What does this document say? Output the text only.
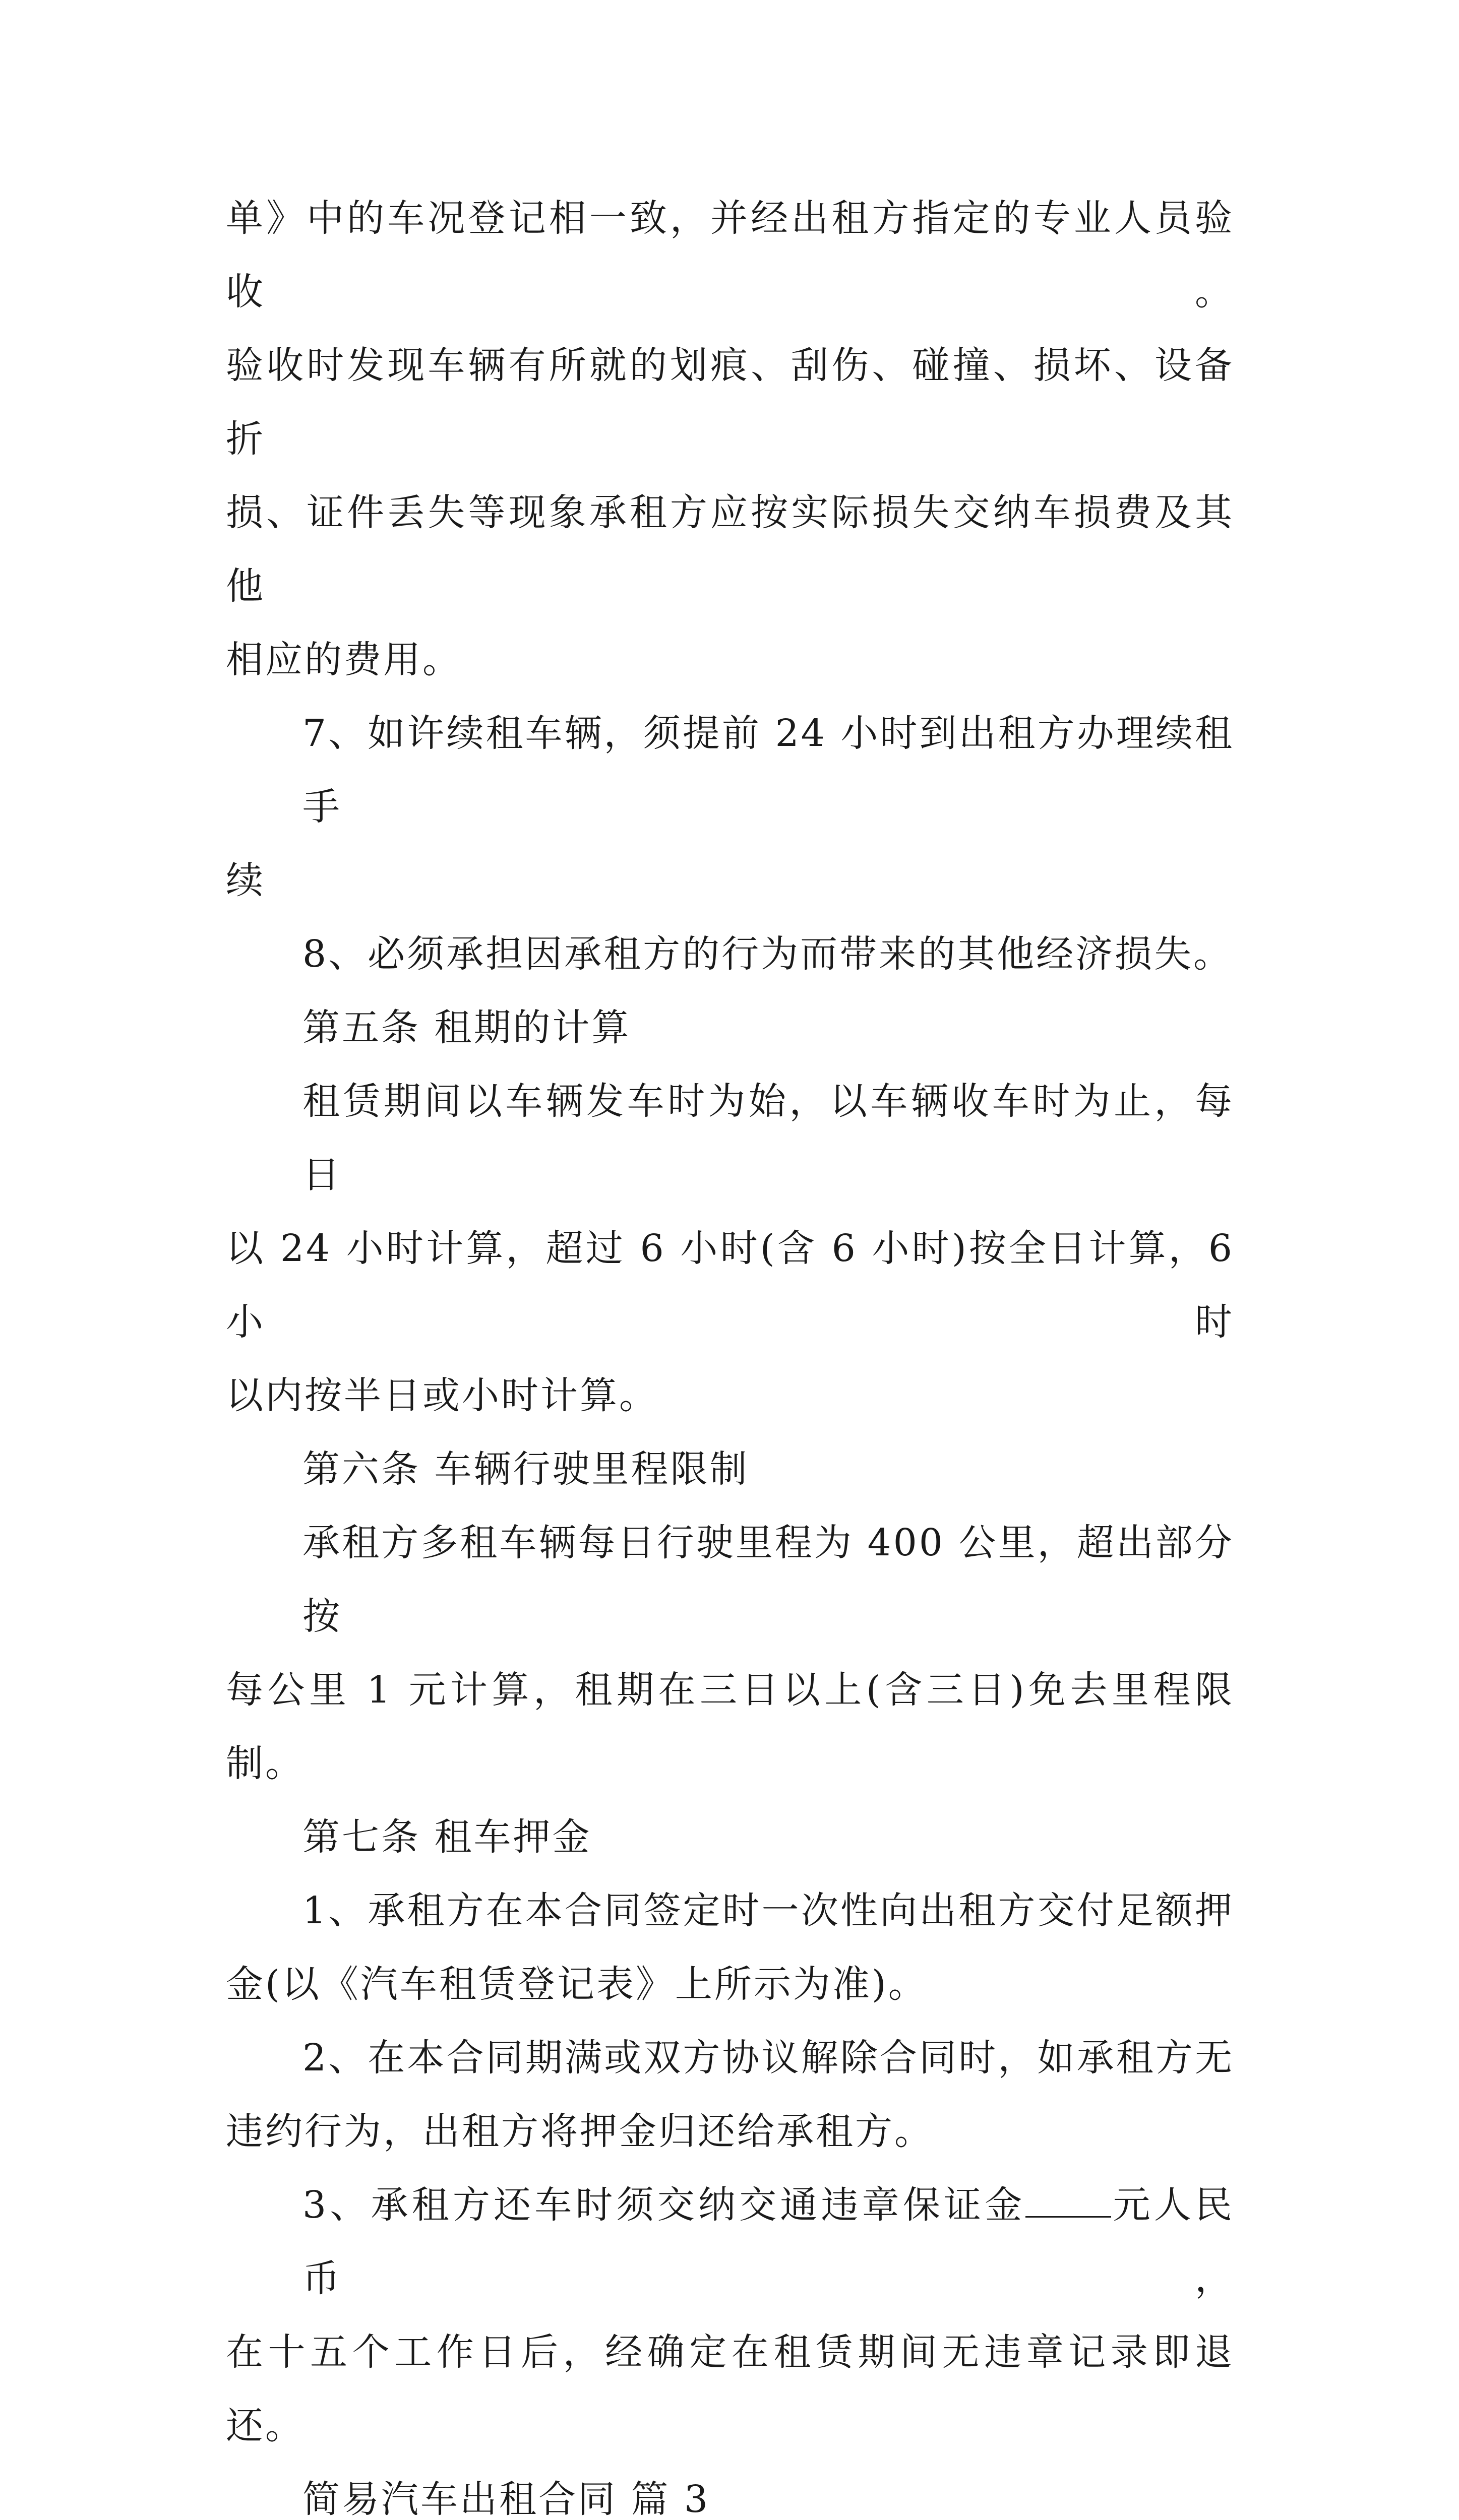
单》中的车况登记相一致，并经出租方指定的专业人员验收。
验收时发现车辆有所就的划痕、刮伤、碰撞、损坏、设备折
损、证件丢失等现象承租方应按实际损失交纳车损费及其他
相应的费用。

7、如许续租车辆，须提前 24 小时到出租方办理续租手
续

8、必须承担因承租方的行为而带来的其他经济损失。

第五条 租期的计算

租赁期间以车辆发车时为始，以车辆收车时为止，每日
以 24 小时计算，超过 6 小时(含 6 小时)按全日计算，6 小时
以内按半日或小时计算。

第六条 车辆行驶里程限制

承租方多租车辆每日行驶里程为 400 公里，超出部分按
每公里 1 元计算，租期在三日以上(含三日)免去里程限制。

第七条 租车押金

1、承租方在本合同签定时一次性向出租方交付足额押
金(以《汽车租赁登记表》上所示为准)。

2、在本合同期满或双方协议解除合同时，如承租方无
违约行为，出租方将押金归还给承租方。

3、承租方还车时须交纳交通违章保证金 元人民币，
在十五个工作日后，经确定在租赁期间无违章记录即退还。

简易汽车出租合同 篇 3
